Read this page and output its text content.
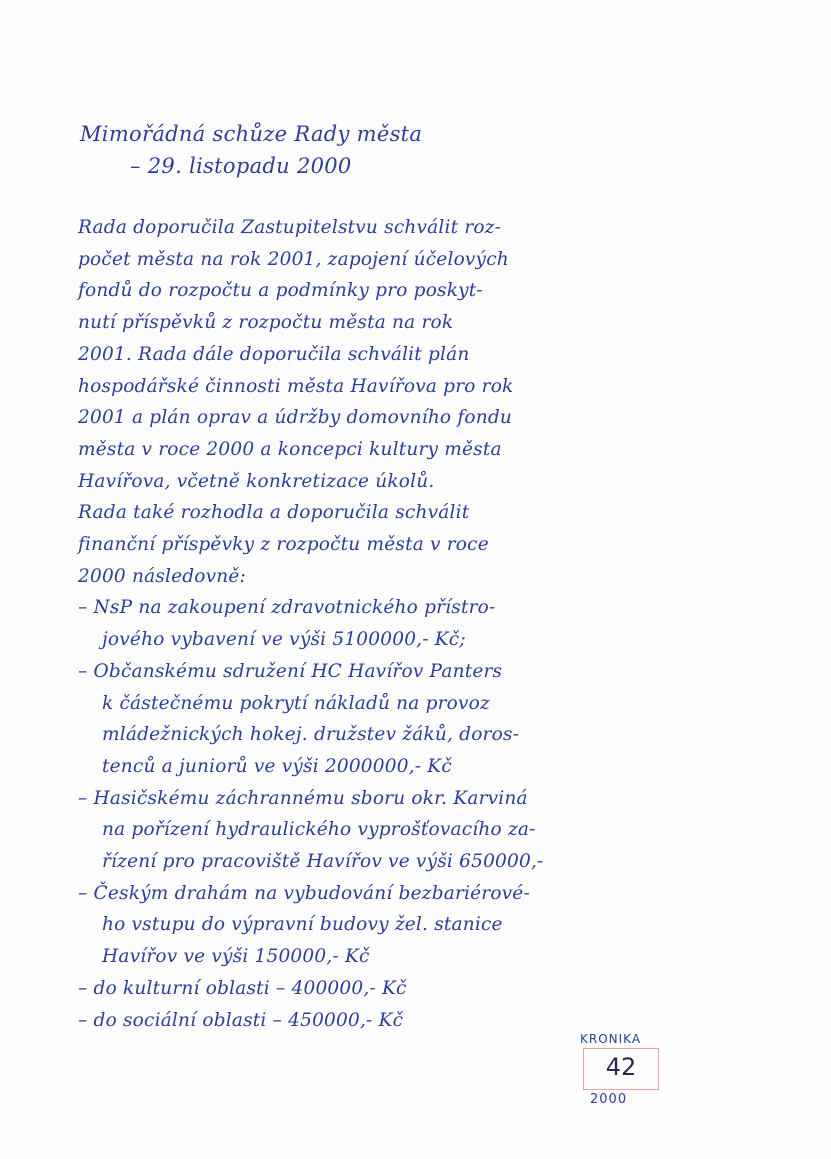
Mimořádná schůze Rady města
– 29. listopadu 2000
Rada doporučila Zastupitelstvu schválit roz-
počet města na rok 2001, zapojení účelových
fondů do rozpočtu a podmínky pro poskyt-
nutí příspěvků z rozpočtu města na rok
2001. Rada dále doporučila schválit plán
hospodářské činnosti města Havířova pro rok
2001 a plán oprav a údržby domovního fondu
města v roce 2000 a koncepci kultury města
Havířova, včetně konkretizace úkolů.
Rada také rozhodla a doporučila schválit
finanční příspěvky z rozpočtu města v roce
2000 následovně:
– NsP na zakoupení zdravotnického přístro-
jového vybavení ve výši 5100000,- Kč;
– Občanskému sdružení HC Havířov Panters
k částečnému pokrytí nákladů na provoz
mládežnických hokej. družstev žáků, doros-
tenců a juniorů ve výši 2000000,- Kč
– Hasičskému záchrannému sboru okr. Karviná
na pořízení hydraulického vyprošťovacího za-
řízení pro pracoviště Havířov ve výši 650000,-
– Českým drahám na vybudování bezbariérové-
ho vstupu do výpravní budovy žel. stanice
Havířov ve výši 150000,- Kč
– do kulturní oblasti – 400000,- Kč
– do sociální oblasti – 450000,- Kč
KRONIKA
42
2000
